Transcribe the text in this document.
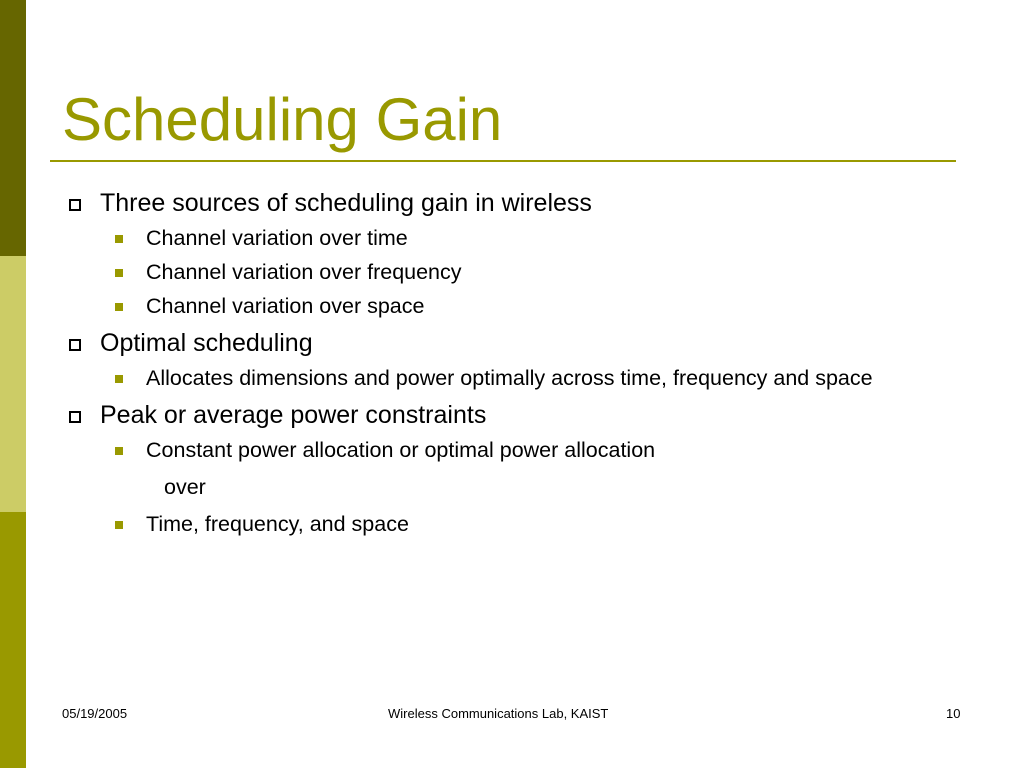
Scheduling Gain
Three sources of scheduling gain in wireless
Channel variation over time
Channel variation over frequency
Channel variation over space
Optimal scheduling
Allocates dimensions and power optimally across time, frequency and space
Peak or average power constraints
Constant power allocation or optimal power allocation
over
Time, frequency, and space
05/19/2005	Wireless Communications Lab, KAIST	10
